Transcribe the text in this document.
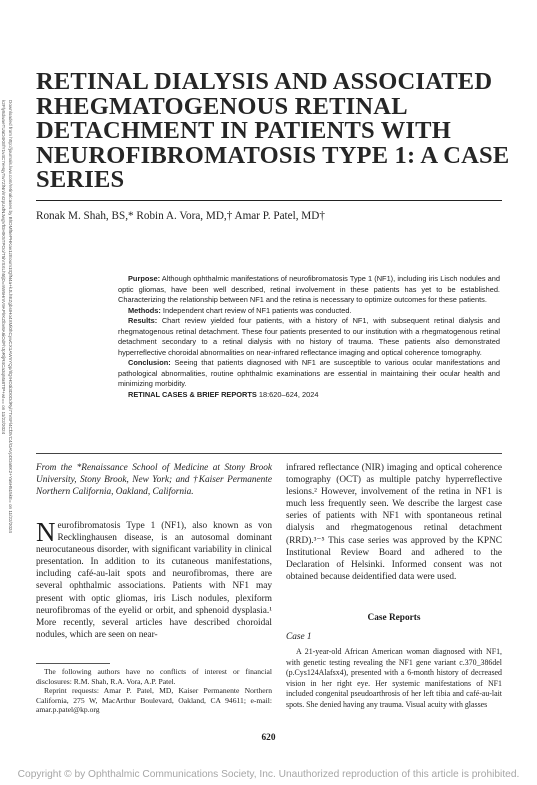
Downloaded from http://journals.lww.com/retinalcases by BhDMf5ePHKav1zEoum1tQfN4a+kJLhEZgbsIHo4XMi0hCywCX1AWnYQp/IlQrHD3i3D0OdRyi7TvSFl4Cf3VC4/OAVpDDa8K2+Ya6H515kE= on 11/22/2024
k2Fly8dwaeTUaD4KEfY1v4C7eHqyTw7ZlNn/mI2pUxfNJwgVfGHtK5TPOo/T5iVSXLh5tjD=nW6HmV9APlrKZlbv8A6iOdFhJpR/jR4Ca3qMa8TtP+wI== on 11/22/2024
RETINAL DIALYSIS AND ASSOCIATED RHEGMATOGENOUS RETINAL DETACHMENT IN PATIENTS WITH NEUROFIBROMATOSIS TYPE 1: A CASE SERIES
Ronak M. Shah, BS,* Robin A. Vora, MD,† Amar P. Patel, MD†

Purpose: Although ophthalmic manifestations of neurofibromatosis Type 1 (NF1), including iris Lisch nodules and optic gliomas, have been well described, retinal involvement in these patients has yet to be established. Characterizing the relationship between NF1 and the retina is necessary to optimize outcomes for these patients.

Methods: Independent chart review of NF1 patients was conducted.

Results: Chart review yielded four patients, with a history of NF1, with subsequent retinal dialysis and rhegmatogenous retinal detachment. These four patients presented to our institution with a rhegmatogenous retinal detachment secondary to a retinal dialysis with no history of trauma. These patients also demonstrated hyperreflective choroidal abnormalities on near-infrared reflectance imaging and optical coherence tomography.

Conclusion: Seeing that patients diagnosed with NF1 are susceptible to various ocular manifestations and pathological abnormalities, routine ophthalmic examinations are essential in maintaining their ocular health and minimizing morbidity.

RETINAL CASES & BRIEF REPORTS 18:620–624, 2024

From the *Renaissance School of Medicine at Stony Brook University, Stony Brook, New York; and †Kaiser Permanente Northern California, Oakland, California.

Neurofibromatosis Type 1 (NF1), also known as von Recklinghausen disease, is an autosomal dominant neurocutaneous disorder, with significant variability in clinical presentation. In addition to its cutaneous manifestations, including café-au-lait spots and neurofibromas, there are several ophthalmic associations. Patients with NF1 may present with optic gliomas, iris Lisch nodules, plexiform neurofibromas of the eyelid or orbit, and sphenoid dysplasia.¹ More recently, several articles have described choroidal nodules, which are seen on near-

infrared reflectance (NIR) imaging and optical coherence tomography (OCT) as multiple patchy hyperreflective lesions.² However, involvement of the retina in NF1 is much less frequently seen. We describe the largest case series of patients with NF1 with spontaneous retinal dialysis and rhegmatogenous retinal detachment (RRD).³⁻⁵ This case series was approved by the KPNC Institutional Review Board and adhered to the Declaration of Helsinki. Informed consent was not obtained because deidentified data were used.
Case Reports
Case 1

A 21-year-old African American woman diagnosed with NF1, with genetic testing revealing the NF1 gene variant c.370_386del (p.Cys124Alafsx4), presented with a 6-month history of decreased vision in her right eye. Her systemic manifestations of NF1 included congenital pseudoarthrosis of her left tibia and café-au-lait spots. She denied having any trauma. Visual acuity with glasses

The following authors have no conflicts of interest or financial disclosures: R.M. Shah, R.A. Vora, A.P. Patel.

Reprint requests: Amar P. Patel, MD, Kaiser Permanente Northern California, 275 W, MacArthur Boulevard, Oakland, CA 94611; e-mail: amar.p.patel@kp.org

620
Copyright © by Ophthalmic Communications Society, Inc. Unauthorized reproduction of this article is prohibited.
